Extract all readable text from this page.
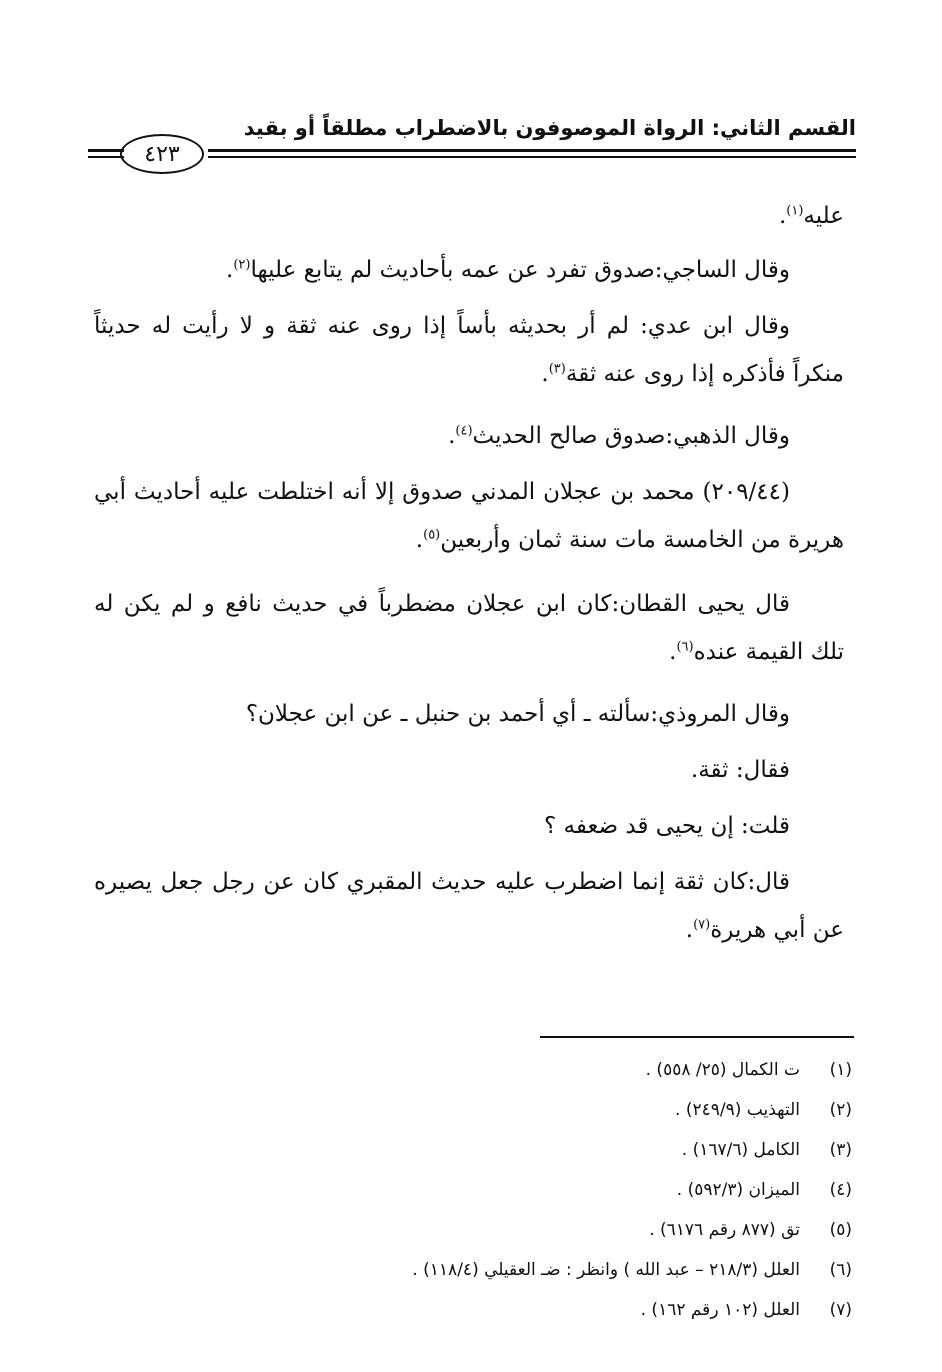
القسم الثاني: الرواة الموصوفون بالاضطراب مطلقاً أو بقيد
٤٢٣
عليه$^{(١)}$.
وقال الساجي:صدوق تفرد عن عمه بأحاديث لم يتابع عليها$^{(٢)}$.
وقال ابن عدي: لم أر بحديثه بأساً إذا روى عنه ثقة و لا رأيت له حديثاً منكراً فأذكره إذا روى عنه ثقة$^{(٣)}$.
وقال الذهبي:صدوق صالح الحديث$^{(٤)}$.
(٢٠٩/٤٤) محمد بن عجلان المدني صدوق إلا أنه اختلطت عليه أحاديث أبي هريرة من الخامسة مات سنة ثمان وأربعين$^{(٥)}$.
قال يحيى القطان:كان ابن عجلان مضطرباً في حديث نافع و لم يكن له تلك القيمة عنده$^{(٦)}$.
وقال المروذي:سألته ـ أي أحمد بن حنبل ـ عن ابن عجلان؟
فقال: ثقة.
قلت: إن يحيى قد ضعفه ؟
قال:كان ثقة إنما اضطرب عليه حديث المقبري كان عن رجل جعل يصيره عن أبي هريرة$^{(٧)}$.
(١)ت الكمال (٢٥/ ٥٥٨) .
(٢)التهذيب (٢٤٩/٩) .
(٣)الكامل (١٦٧/٦) .
(٤)الميزان (٥٩٢/٣) .
(٥)تق (٨٧٧ رقم ٦١٧٦) .
(٦)العلل (٢١٨/٣ – عبد الله ) وانظر : ضـ العقيلي (١١٨/٤) .
(٧)العلل (١٠٢ رقم ١٦٢) .
